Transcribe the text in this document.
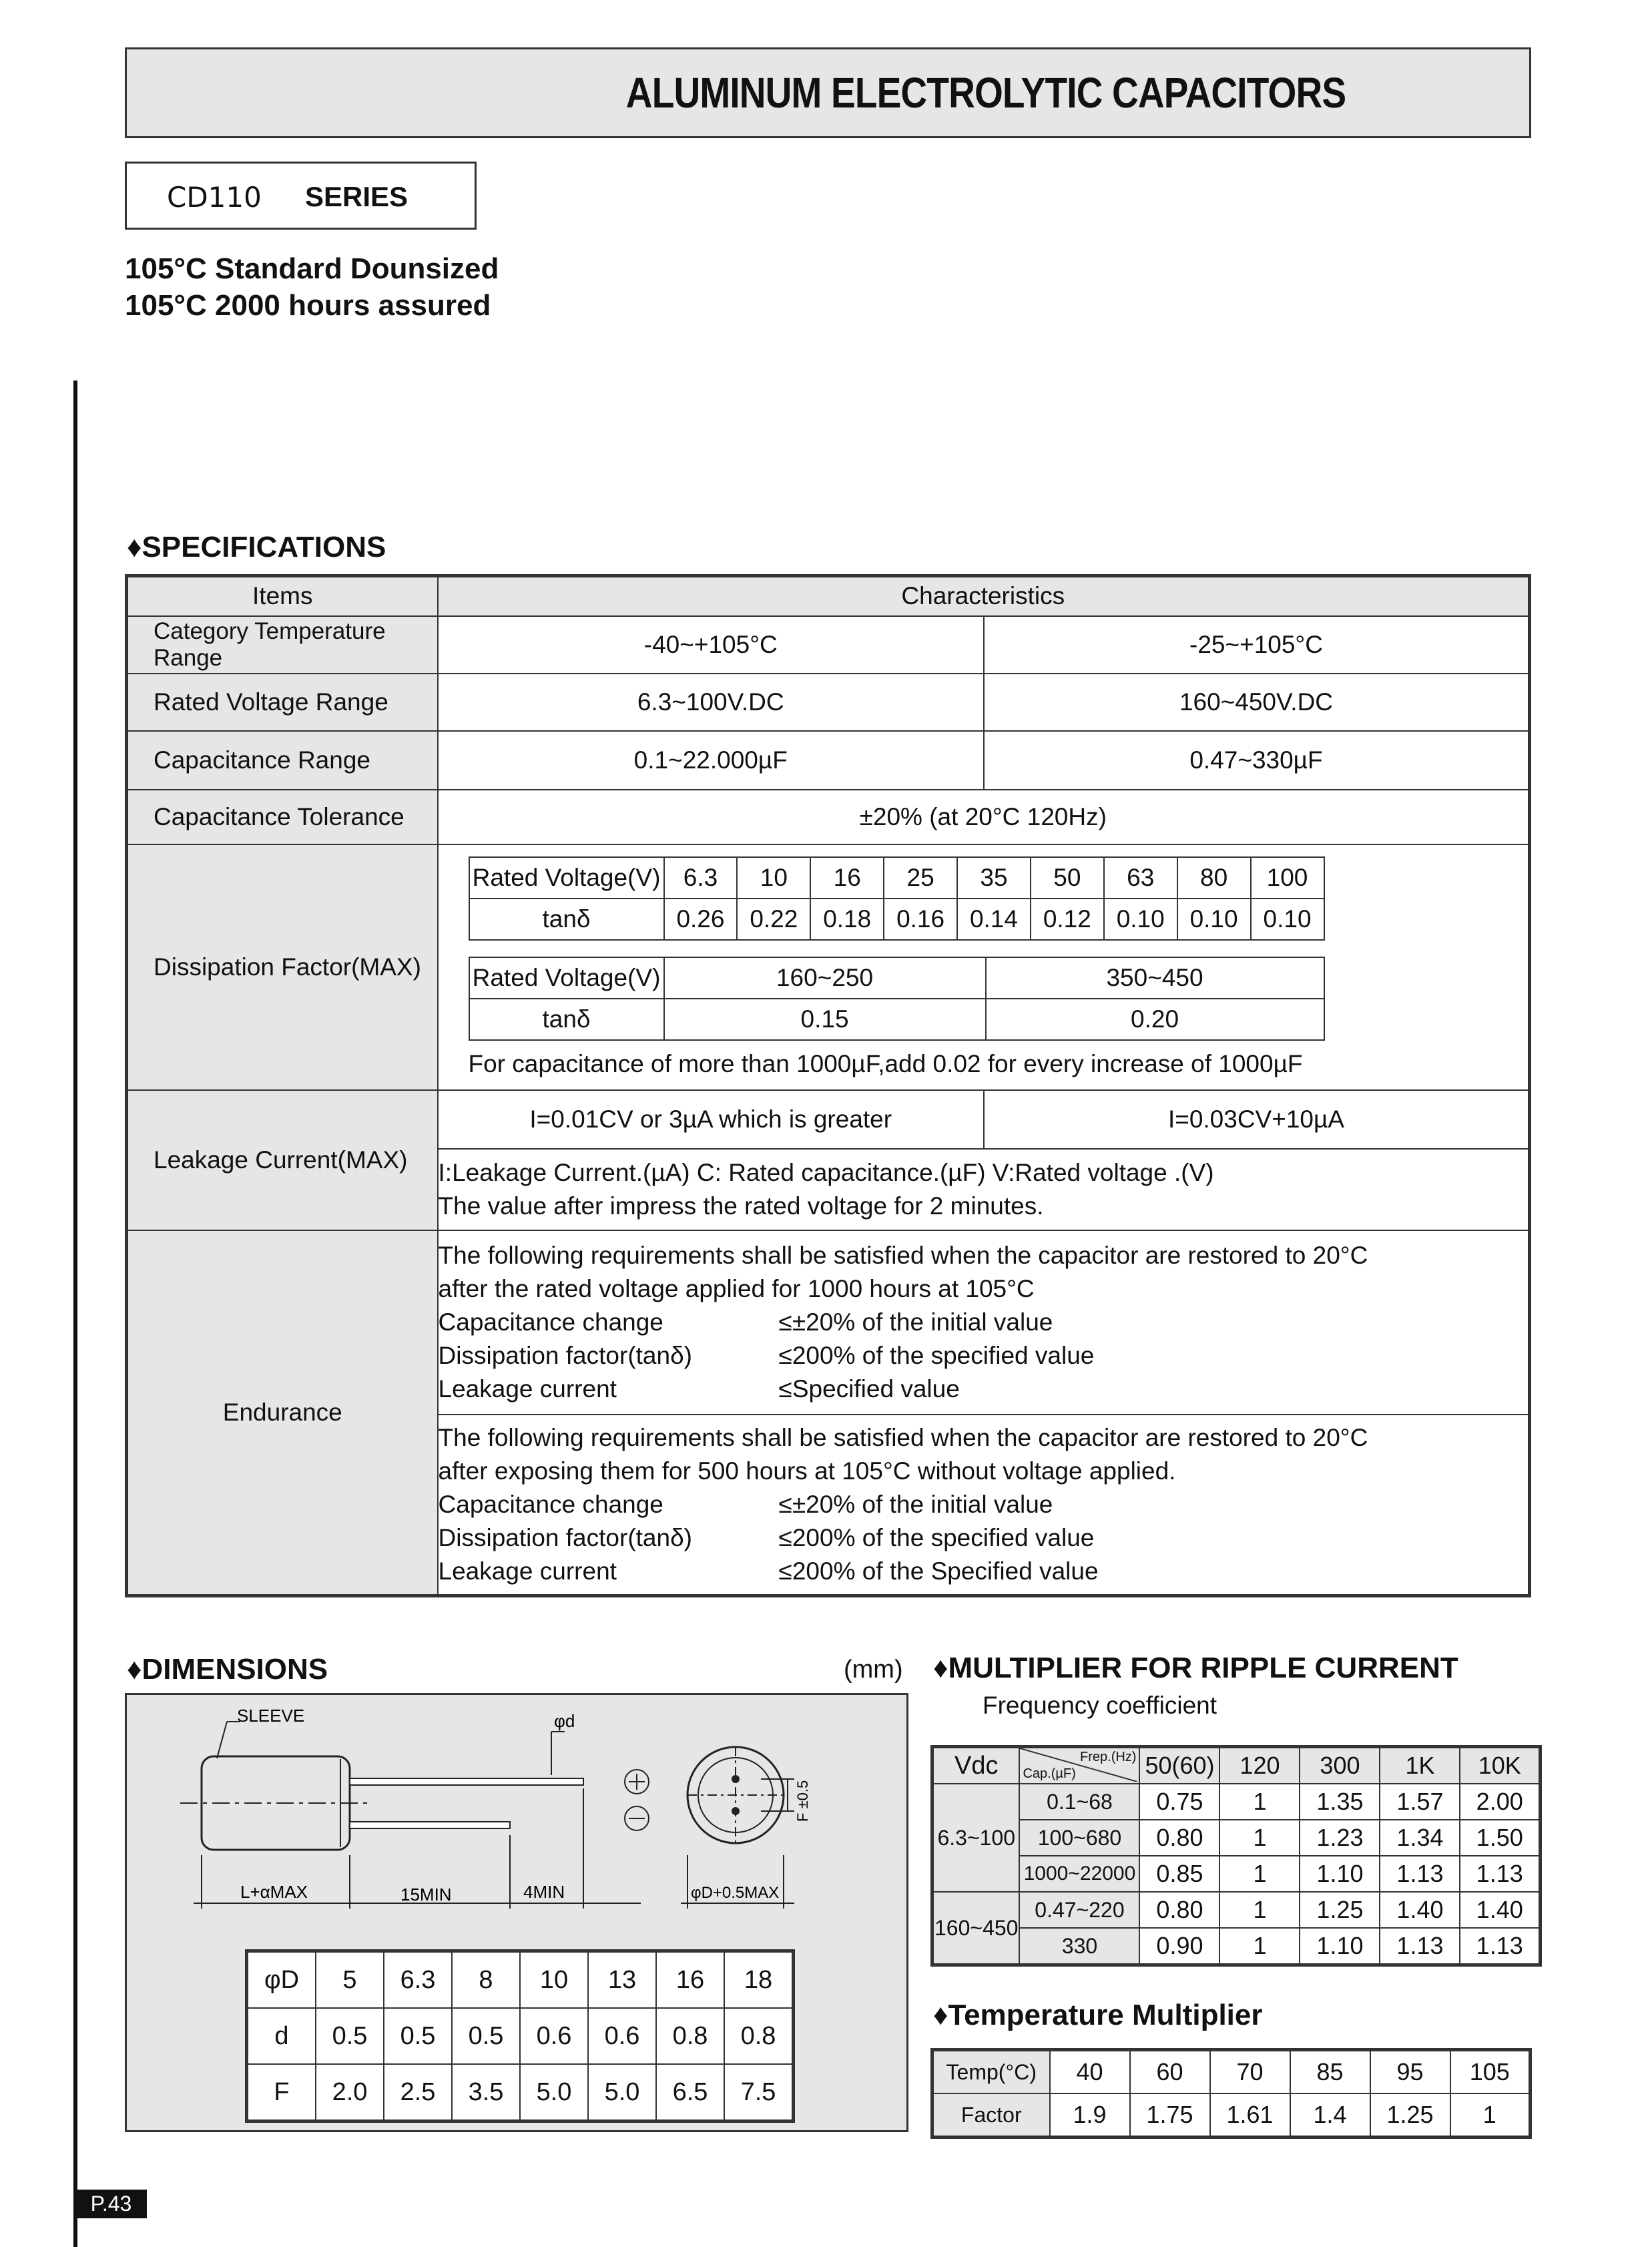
ALUMINUM ELECTROLYTIC CAPACITORS
CD110 SERIES
105°C Standard Dounsized
105°C 2000 hours assured
♦SPECIFICATIONS
Items	Characteristics
Category Temperature Range	-40~+105°C	-25~+105°C
Rated Voltage Range	6.3~100V.DC	160~450V.DC
Capacitance Range	0.1~22.000µF	0.47~330µF
Capacitance Tolerance	±20% (at 20°C 120Hz)
Dissipation Factor(MAX)	
Rated Voltage(V)	6.3	10	16	25	35	50	63	80	100
tanδ	0.26	0.22	0.18	0.16	0.14	0.12	0.10	0.10	0.10
Rated Voltage(V)	160~250	350~450
tanδ	0.15	0.20
For capacitance of more than 1000µF,add 0.02 for every increase of 1000µF

Leakage Current(MAX)	I=0.01CV or 3µA which is greater	I=0.03CV+10µA

I:Leakage Current.(µA) C: Rated capacitance.(µF) V:Rated voltage .(V)
The value after impress the rated voltage for 2 minutes.

Endurance	
The following requirements shall be satisfied when the capacitor are restored to 20°C
after the rated voltage applied for 1000 hours at 105°C
Capacitance change	≤±20% of the initial value
Dissipation factor(tanδ)	≤200% of the specified value
Leakage current	≤Specified value

The following requirements shall be satisfied when the capacitor are restored to 20°C
after exposing them for 500 hours at 105°C without voltage applied.
Capacitance change	≤±20% of the initial value
Dissipation factor(tanδ)	≤200% of the specified value
Leakage current	≤200% of the Specified value
♦DIMENSIONS	(mm)
SLEEVE	φd
F ±0.5
L+αMAX	15MIN	4MIN	φD+0.5MAX
φD	5	6.3	8	10	13	16	18
d	0.5	0.5	0.5	0.6	0.6	0.8	0.8
F	2.0	2.5	3.5	5.0	5.0	6.5	7.5
♦MULTIPLIER FOR RIPPLE CURRENT
Frequency coefficient
Vdc	Frep.(Hz)
Cap.(µF)	50(60)	120	300	1K	10K
6.3~100	0.1~68	0.75	1	1.35	1.57	2.00
	100~680	0.80	1	1.23	1.34	1.50
	1000~22000	0.85	1	1.10	1.13	1.13
160~450	0.47~220	0.80	1	1.25	1.40	1.40
	330	0.90	1	1.10	1.13	1.13
♦Temperature Multiplier
Temp(°C)	40	60	70	85	95	105
Factor	1.9	1.75	1.61	1.4	1.25	1
P.43
